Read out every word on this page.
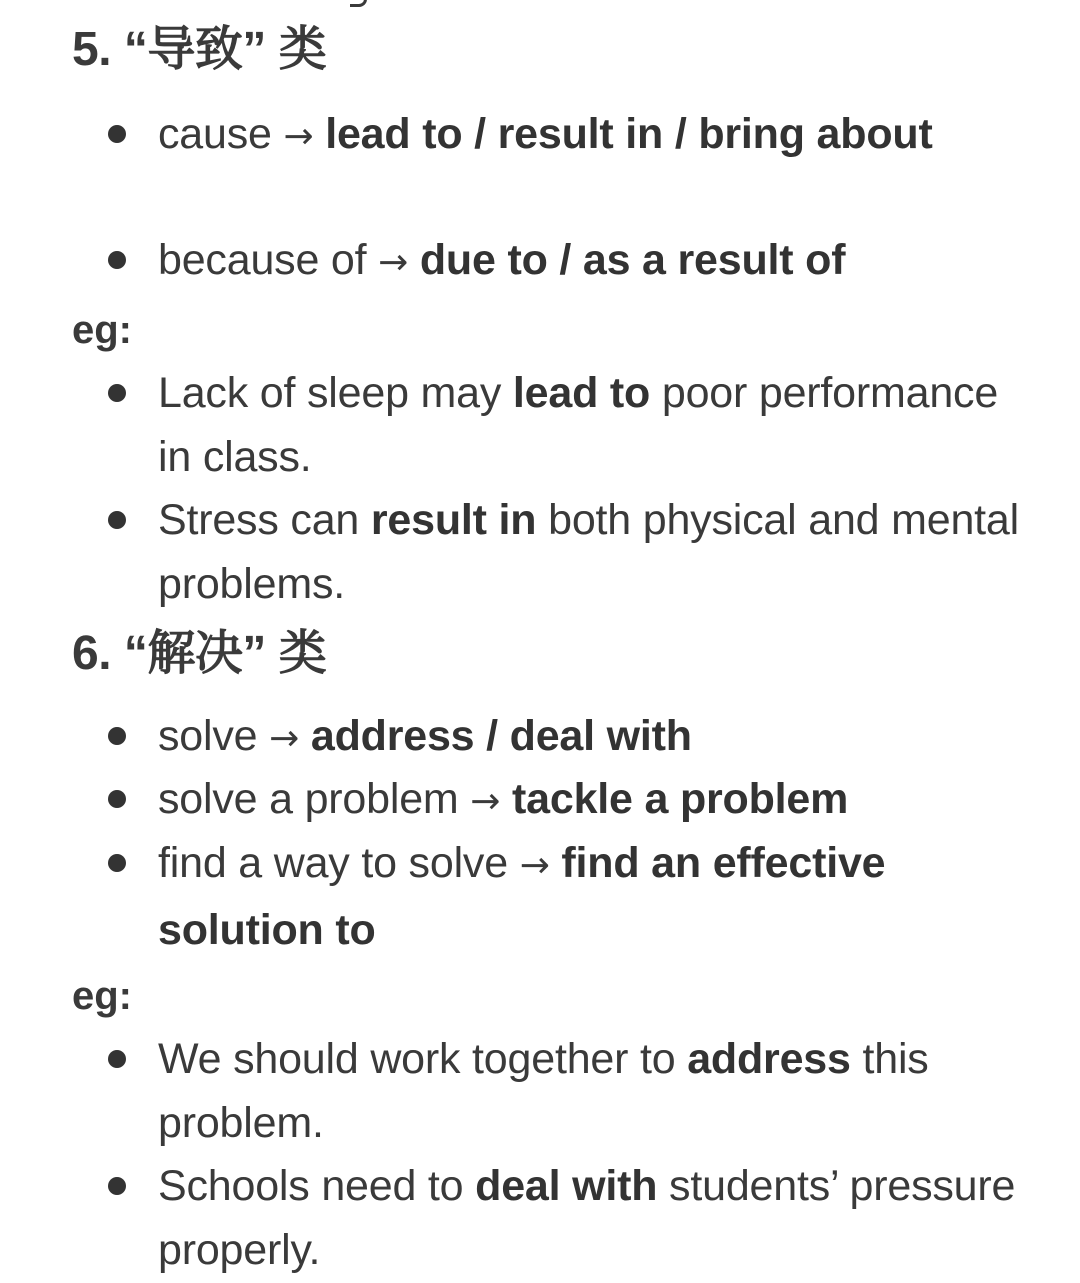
5. “导致” 类

cause → lead to / result in / bring about

because of → due to / as a result of

eg:

Lack of sleep may lead to poor performance in class.

Stress can result in both physical and mental problems.

6. “解决” 类

solve → address / deal with

solve a problem → tackle a problem

find a way to solve → find an effective solution to

eg:

We should work together to address this problem.

Schools need to deal with students’ pressure properly.
